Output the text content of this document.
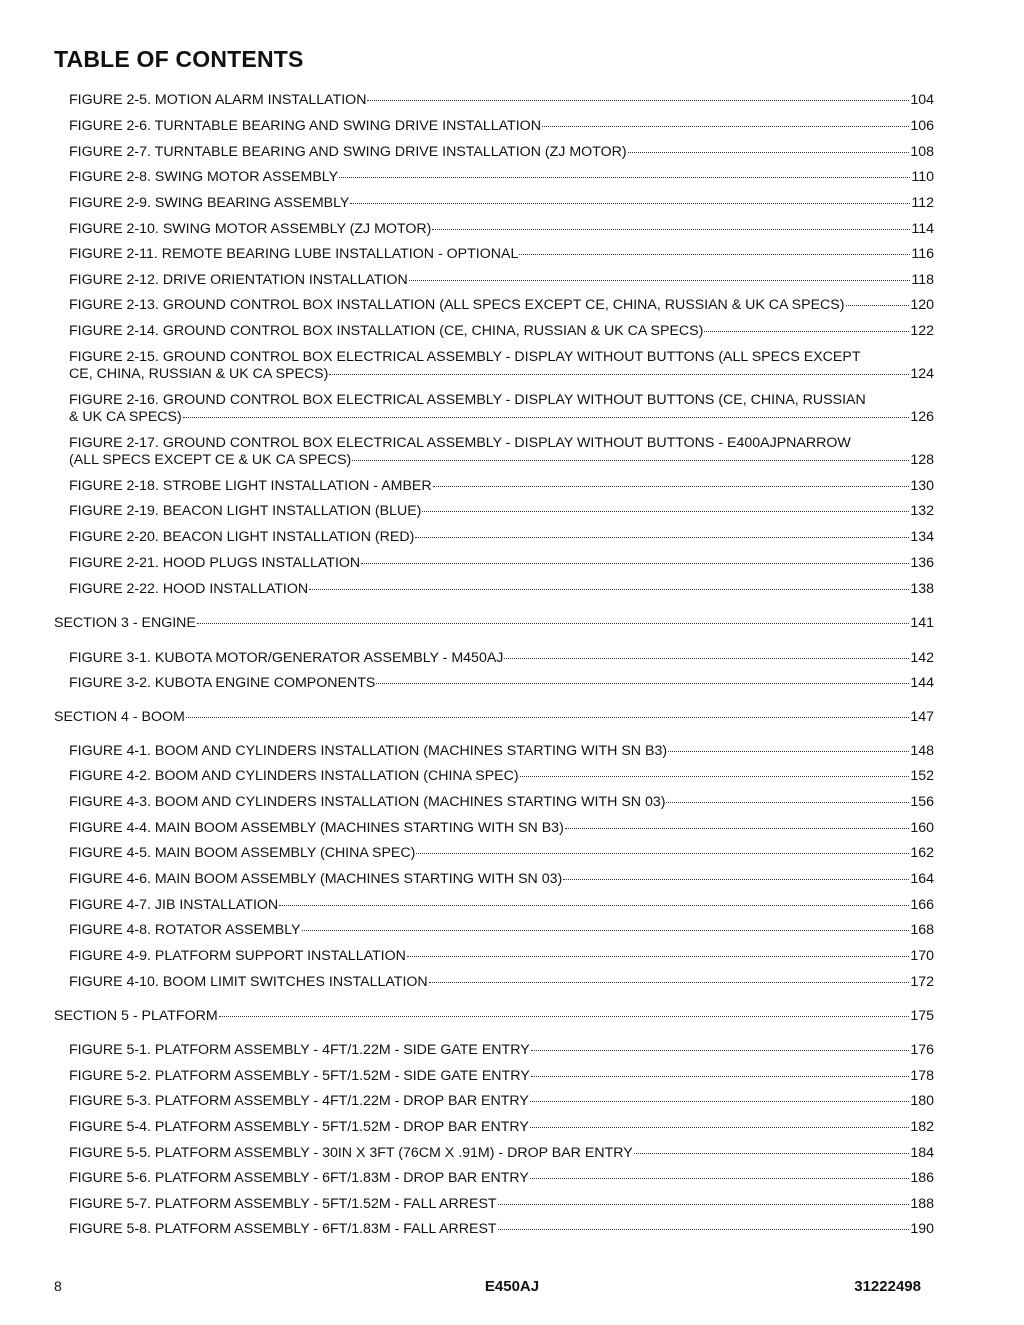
TABLE OF CONTENTS
FIGURE 2-5. MOTION ALARM INSTALLATION	104
FIGURE 2-6. TURNTABLE BEARING AND SWING DRIVE INSTALLATION	106
FIGURE 2-7. TURNTABLE BEARING AND SWING DRIVE INSTALLATION (ZJ MOTOR)	108
FIGURE 2-8. SWING MOTOR ASSEMBLY	110
FIGURE 2-9. SWING BEARING ASSEMBLY	112
FIGURE 2-10. SWING MOTOR ASSEMBLY (ZJ MOTOR)	114
FIGURE 2-11. REMOTE BEARING LUBE INSTALLATION - OPTIONAL	116
FIGURE 2-12. DRIVE ORIENTATION INSTALLATION	118
FIGURE 2-13. GROUND CONTROL BOX INSTALLATION (ALL SPECS EXCEPT CE, CHINA, RUSSIAN & UK CA SPECS)	120
FIGURE 2-14. GROUND CONTROL BOX INSTALLATION (CE, CHINA, RUSSIAN & UK CA SPECS)	122
FIGURE 2-15. GROUND CONTROL BOX ELECTRICAL ASSEMBLY - DISPLAY WITHOUT BUTTONS (ALL SPECS EXCEPT
CE, CHINA, RUSSIAN & UK CA SPECS)	124
FIGURE 2-16. GROUND CONTROL BOX ELECTRICAL ASSEMBLY - DISPLAY WITHOUT BUTTONS (CE, CHINA, RUSSIAN
& UK CA SPECS)	126
FIGURE 2-17. GROUND CONTROL BOX ELECTRICAL ASSEMBLY - DISPLAY WITHOUT BUTTONS - E400AJPNARROW
(ALL SPECS EXCEPT CE & UK CA SPECS)	128
FIGURE 2-18. STROBE LIGHT INSTALLATION - AMBER	130
FIGURE 2-19. BEACON LIGHT INSTALLATION (BLUE)	132
FIGURE 2-20. BEACON LIGHT INSTALLATION (RED)	134
FIGURE 2-21. HOOD PLUGS INSTALLATION	136
FIGURE 2-22. HOOD INSTALLATION	138
SECTION 3 - ENGINE	141
FIGURE 3-1. KUBOTA MOTOR/GENERATOR ASSEMBLY - M450AJ	142
FIGURE 3-2. KUBOTA ENGINE COMPONENTS	144
SECTION 4 - BOOM	147
FIGURE 4-1. BOOM AND CYLINDERS INSTALLATION (MACHINES STARTING WITH SN B3)	148
FIGURE 4-2. BOOM AND CYLINDERS INSTALLATION (CHINA SPEC)	152
FIGURE 4-3. BOOM AND CYLINDERS INSTALLATION (MACHINES STARTING WITH SN 03)	156
FIGURE 4-4. MAIN BOOM ASSEMBLY (MACHINES STARTING WITH SN B3)	160
FIGURE 4-5. MAIN BOOM ASSEMBLY (CHINA SPEC)	162
FIGURE 4-6. MAIN BOOM ASSEMBLY (MACHINES STARTING WITH SN 03)	164
FIGURE 4-7. JIB INSTALLATION	166
FIGURE 4-8. ROTATOR ASSEMBLY	168
FIGURE 4-9. PLATFORM SUPPORT INSTALLATION	170
FIGURE 4-10. BOOM LIMIT SWITCHES INSTALLATION	172
SECTION 5 - PLATFORM	175
FIGURE 5-1. PLATFORM ASSEMBLY - 4FT/1.22M - SIDE GATE ENTRY	176
FIGURE 5-2. PLATFORM ASSEMBLY - 5FT/1.52M - SIDE GATE ENTRY	178
FIGURE 5-3. PLATFORM ASSEMBLY - 4FT/1.22M - DROP BAR ENTRY	180
FIGURE 5-4. PLATFORM ASSEMBLY - 5FT/1.52M - DROP BAR ENTRY	182
FIGURE 5-5. PLATFORM ASSEMBLY - 30IN X 3FT (76CM X .91M) - DROP BAR ENTRY	184
FIGURE 5-6. PLATFORM ASSEMBLY - 6FT/1.83M - DROP BAR ENTRY	186
FIGURE 5-7. PLATFORM ASSEMBLY - 5FT/1.52M - FALL ARREST	188
FIGURE 5-8. PLATFORM ASSEMBLY - 6FT/1.83M - FALL ARREST	190
8	E450AJ	31222498
